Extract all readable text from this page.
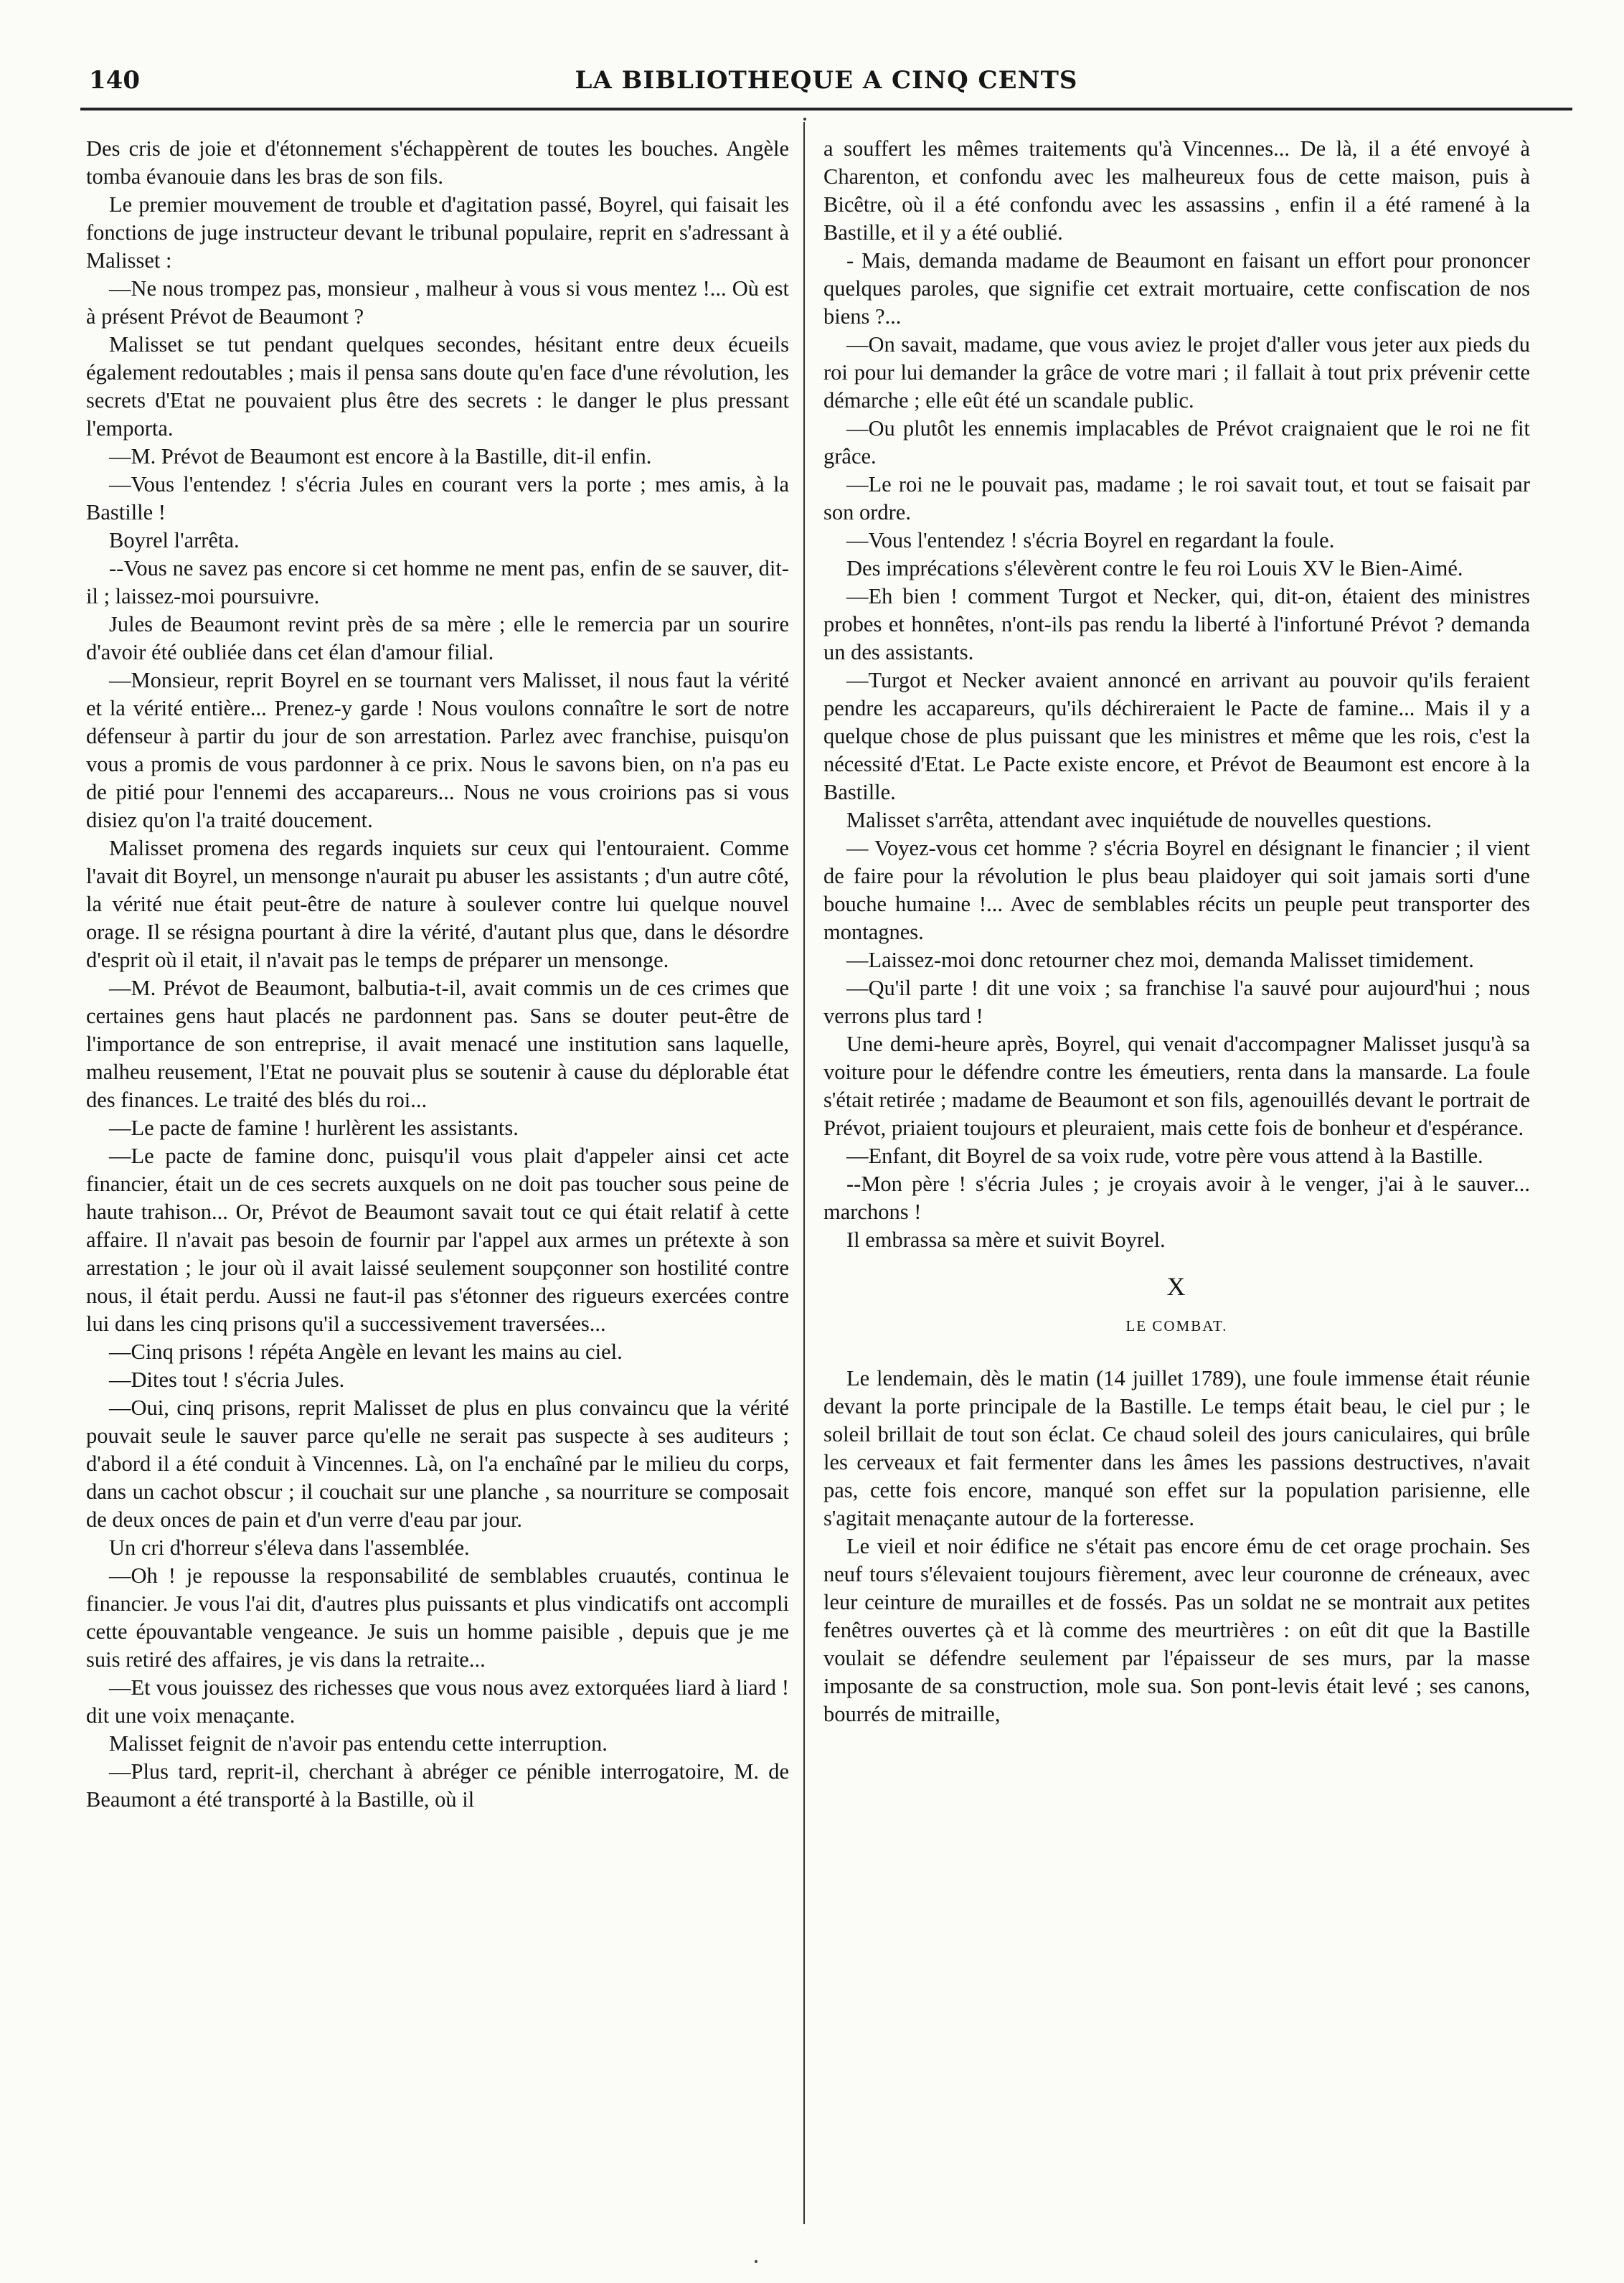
140	LA BIBLIOTHEQUE A CINQ CENTS

Des cris de joie et d'étonnement s'échappèrent de toutes les bouches. Angèle tomba évanouie dans les bras de son fils.

Le premier mouvement de trouble et d'agitation passé, Boyrel, qui faisait les fonctions de juge instructeur devant le tribunal populaire, reprit en s'adressant à Malisset :

—Ne nous trompez pas, monsieur , malheur à vous si vous mentez !... Où est à présent Prévot de Beaumont ?

Malisset se tut pendant quelques secondes, hésitant entre deux écueils également redoutables ; mais il pensa sans doute qu'en face d'une révolution, les secrets d'Etat ne pouvaient plus être des secrets : le danger le plus pressant l'emporta.

—M. Prévot de Beaumont est encore à la Bastille, dit-il enfin.

—Vous l'entendez ! s'écria Jules en courant vers la porte ; mes amis, à la Bastille !

Boyrel l'arrêta.

--Vous ne savez pas encore si cet homme ne ment pas, enfin de se sauver, dit-il ; laissez-moi poursuivre.

Jules de Beaumont revint près de sa mère ; elle le remercia par un sourire d'avoir été oubliée dans cet élan d'amour filial.

—Monsieur, reprit Boyrel en se tournant vers Malisset, il nous faut la vérité et la vérité entière... Prenez-y garde ! Nous voulons connaître le sort de notre défenseur à partir du jour de son arrestation. Parlez avec franchise, puisqu'on vous a promis de vous pardonner à ce prix. Nous le savons bien, on n'a pas eu de pitié pour l'ennemi des accapareurs... Nous ne vous croirions pas si vous disiez qu'on l'a traité doucement.

Malisset promena des regards inquiets sur ceux qui l'entouraient. Comme l'avait dit Boyrel, un mensonge n'aurait pu abuser les assistants ; d'un autre côté, la vérité nue était peut-être de nature à soulever contre lui quelque nouvel orage. Il se résigna pourtant à dire la vérité, d'autant plus que, dans le désordre d'esprit où il etait, il n'avait pas le temps de préparer un mensonge.

—M. Prévot de Beaumont, balbutia-t-il, avait commis un de ces crimes que certaines gens haut placés ne pardonnent pas. Sans se douter peut-être de l'importance de son entreprise, il avait menacé une institution sans laquelle, malheu reusement, l'Etat ne pouvait plus se soutenir à cause du déplorable état des finances. Le traité des blés du roi...

—Le pacte de famine ! hurlèrent les assistants.

—Le pacte de famine donc, puisqu'il vous plait d'appeler ainsi cet acte financier, était un de ces secrets auxquels on ne doit pas toucher sous peine de haute trahison... Or, Prévot de Beaumont savait tout ce qui était relatif à cette affaire. Il n'avait pas besoin de fournir par l'appel aux armes un prétexte à son arrestation ; le jour où il avait laissé seulement soupçonner son hostilité contre nous, il était perdu. Aussi ne faut-il pas s'étonner des rigueurs exercées contre lui dans les cinq prisons qu'il a successivement traversées...

—Cinq prisons ! répéta Angèle en levant les mains au ciel.

—Dites tout ! s'écria Jules.

—Oui, cinq prisons, reprit Malisset de plus en plus convaincu que la vérité pouvait seule le sauver parce qu'elle ne serait pas suspecte à ses auditeurs ; d'abord il a été conduit à Vincennes. Là, on l'a enchaîné par le milieu du corps, dans un cachot obscur ; il couchait sur une planche , sa nourriture se composait de deux onces de pain et d'un verre d'eau par jour.

Un cri d'horreur s'éleva dans l'assemblée.

—Oh ! je repousse la responsabilité de semblables cruautés, continua le financier. Je vous l'ai dit, d'autres plus puissants et plus vindicatifs ont accompli cette épouvantable vengeance. Je suis un homme paisible , depuis que je me suis retiré des affaires, je vis dans la retraite...

—Et vous jouissez des richesses que vous nous avez extorquées liard à liard ! dit une voix menaçante.

Malisset feignit de n'avoir pas entendu cette interruption.

—Plus tard, reprit-il, cherchant à abréger ce pénible interrogatoire, M. de Beaumont a été transporté à la Bastille, où il

a souffert les mêmes traitements qu'à Vincennes... De là, il a été envoyé à Charenton, et confondu avec les malheureux fous de cette maison, puis à Bicêtre, où il a été confondu avec les assassins , enfin il a été ramené à la Bastille, et il y a été oublié.

- Mais, demanda madame de Beaumont en faisant un effort pour prononcer quelques paroles, que signifie cet extrait mortuaire, cette confiscation de nos biens ?...

—On savait, madame, que vous aviez le projet d'aller vous jeter aux pieds du roi pour lui demander la grâce de votre mari ; il fallait à tout prix prévenir cette démarche ; elle eût été un scandale public.

—Ou plutôt les ennemis implacables de Prévot craignaient que le roi ne fit grâce.

—Le roi ne le pouvait pas, madame ; le roi savait tout, et tout se faisait par son ordre.

—Vous l'entendez ! s'écria Boyrel en regardant la foule.

Des imprécations s'élevèrent contre le feu roi Louis XV le Bien-Aimé.

—Eh bien ! comment Turgot et Necker, qui, dit-on, étaient des ministres probes et honnêtes, n'ont-ils pas rendu la liberté à l'infortuné Prévot ? demanda un des assistants.

—Turgot et Necker avaient annoncé en arrivant au pouvoir qu'ils feraient pendre les accapareurs, qu'ils déchireraient le Pacte de famine... Mais il y a quelque chose de plus puissant que les ministres et même que les rois, c'est la nécessité d'Etat. Le Pacte existe encore, et Prévot de Beaumont est encore à la Bastille.

Malisset s'arrêta, attendant avec inquiétude de nouvelles questions.

— Voyez-vous cet homme ? s'écria Boyrel en désignant le financier ; il vient de faire pour la révolution le plus beau plaidoyer qui soit jamais sorti d'une bouche humaine !... Avec de semblables récits un peuple peut transporter des montagnes.

—Laissez-moi donc retourner chez moi, demanda Malisset timidement.

—Qu'il parte ! dit une voix ; sa franchise l'a sauvé pour aujourd'hui ; nous verrons plus tard !

Une demi-heure après, Boyrel, qui venait d'accompagner Malisset jusqu'à sa voiture pour le défendre contre les émeutiers, renta dans la mansarde. La foule s'était retirée ; madame de Beaumont et son fils, agenouillés devant le portrait de Prévot, priaient toujours et pleuraient, mais cette fois de bonheur et d'espérance.

—Enfant, dit Boyrel de sa voix rude, votre père vous attend à la Bastille.

--Mon père ! s'écria Jules ; je croyais avoir à le venger, j'ai à le sauver... marchons !

Il embrassa sa mère et suivit Boyrel.

X

LE COMBAT.

Le lendemain, dès le matin (14 juillet 1789), une foule immense était réunie devant la porte principale de la Bastille. Le temps était beau, le ciel pur ; le soleil brillait de tout son éclat. Ce chaud soleil des jours caniculaires, qui brûle les cerveaux et fait fermenter dans les âmes les passions destructives, n'avait pas, cette fois encore, manqué son effet sur la population parisienne, elle s'agitait menaçante autour de la forteresse.

Le vieil et noir édifice ne s'était pas encore ému de cet orage prochain. Ses neuf tours s'élevaient toujours fièrement, avec leur couronne de créneaux, avec leur ceinture de murailles et de fossés. Pas un soldat ne se montrait aux petites fenêtres ouvertes çà et là comme des meurtrières : on eût dit que la Bastille voulait se défendre seulement par l'épaisseur de ses murs, par la masse imposante de sa construction, mole sua. Son pont-levis était levé ; ses canons, bourrés de mitraille,
